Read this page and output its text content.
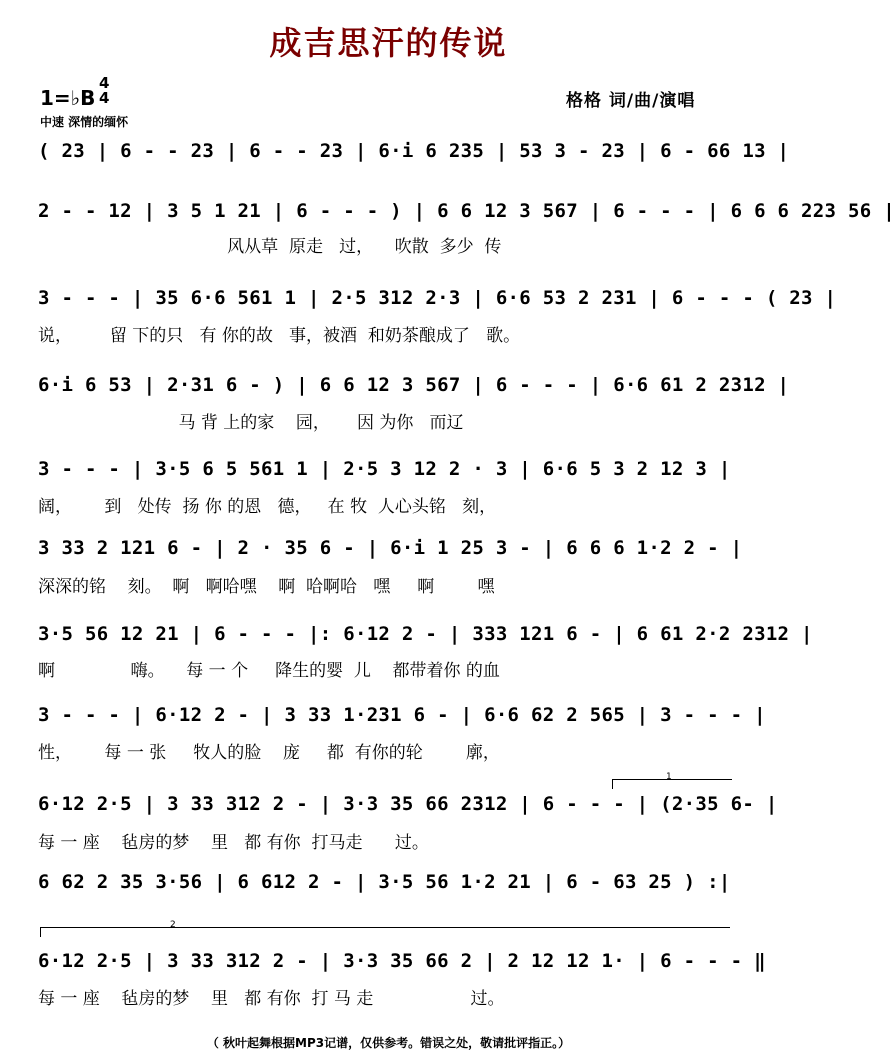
成吉思汗的传说
1=♭B
4
4
中速 深情的缅怀
格格 词/曲/演唱
( 23 | 6 - - 23 | 6 - - 23 | 6·i 6 235 | 53 3 - 23 | 6 - 66 13 |
2 - - 12 | 3 5 1 21 | 6 - - - ) | 6 6 12 3 567 | 6 - - - | 6 6 6 223 56 |
风从草  原走   过，    吹散  多少  传
3 - - - | 35 6·6 561 1 | 2·5 312 2·3 | 6·6 53 2 231 | 6 - - - ( 23 |
说，       留 下的只   有 你的故   事，被酒  和奶茶酿成了   歌。
6·i 6 53 | 2·31 6 - ) | 6 6 12 3 567 | 6 - - - | 6·6 61 2 2312 |
马 背 上的家    园，     因 为你   而辽
3 - - - | 3·5 6 5 561 1 | 2·5 3 12 2 · 3 | 6·6 5 3 2 12 3 |
阔，      到   处传  扬 你 的恩   德，   在 牧  人心头铭   刻，
3 33 2 121 6 - | 2 · 35 6 - | 6·i 1 25 3 - | 6 6 6 1·2 2 - |
深深的铭    刻。  啊   啊哈嘿    啊  哈啊哈   嘿     啊        嘿
3·5 56 12 21 | 6 - - - |: 6·12 2 - | 333 121 6 - | 6 61 2·2 2312 |
啊              嗨。    每 一 个     降生的婴  儿    都带着你 的血
3 - - - | 6·12 2 - | 3 33 1·231 6 - | 6·6 62 2 565 | 3 - - - |
性，      每 一 张     牧人的脸    庞     都  有你的轮        廓，
1
6·12 2·5 | 3 33 312 2 - | 3·3 35 66 2312 | 6 - - - | (2·35 6- |
每 一 座    毡房的梦    里   都 有你  打马走      过。
6 62 2 35 3·56 | 6 612 2 - | 3·5 56 1·2 21 | 6 - 63 25 ) :|
2
6·12 2·5 | 3 33 312 2 - | 3·3 35 66 2 | 2 12 12 1· | 6 - - - ‖
每 一 座    毡房的梦    里   都 有你  打 马 走                  过。
（ 秋叶起舞根据MP3记谱，仅供参考。错误之处，敬请批评指正。）
